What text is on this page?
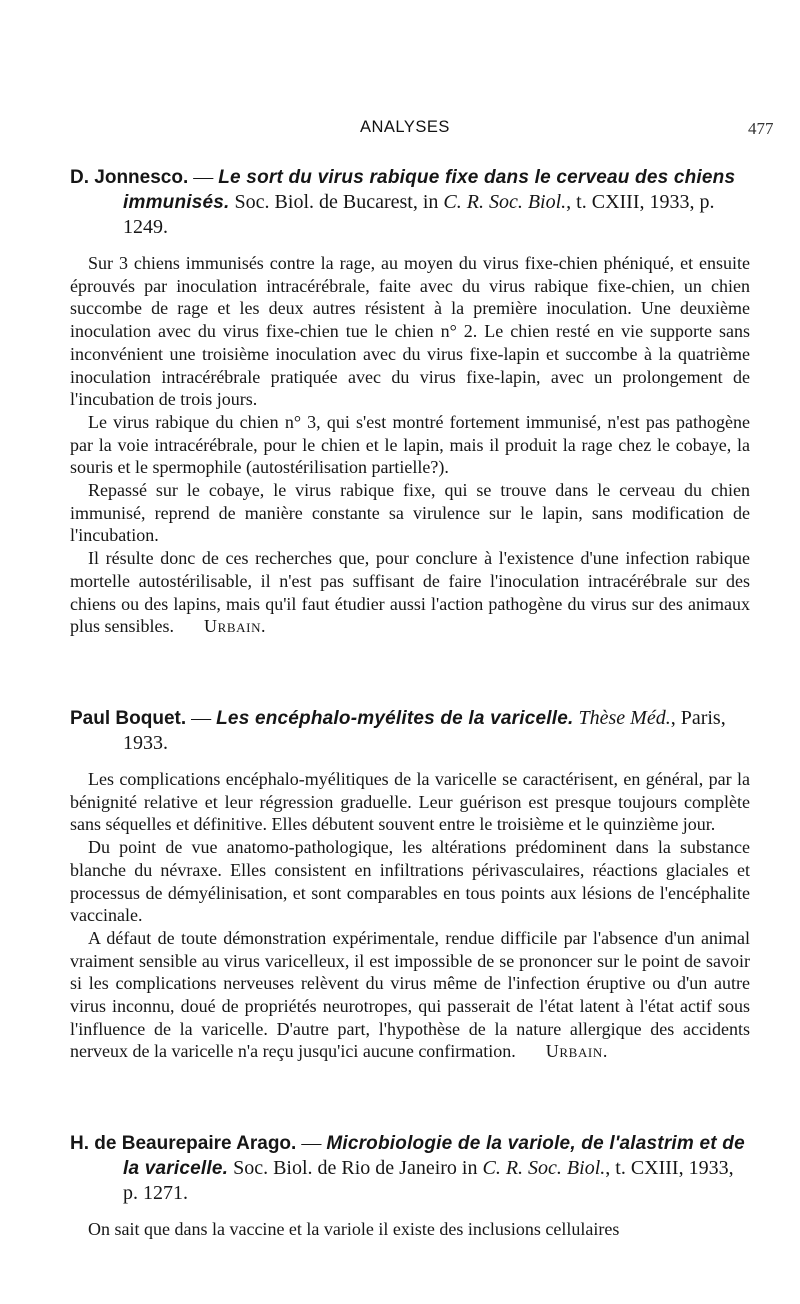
ANALYSES	477

D. Jonnesco. — Le sort du virus rabique fixe dans le cerveau des chiens immunisés. Soc. Biol. de Bucarest, in C. R. Soc. Biol., t. CXIII, 1933, p. 1249.

Sur 3 chiens immunisés contre la rage, au moyen du virus fixe-chien phéniqué, et ensuite éprouvés par inoculation intracérébrale, faite avec du virus rabique fixe-chien, un chien succombe de rage et les deux autres résistent à la première inoculation. Une deuxième inoculation avec du virus fixe-chien tue le chien n° 2. Le chien resté en vie supporte sans inconvénient une troisième inoculation avec du virus fixe-lapin et succombe à la quatrième inoculation intracérébrale pratiquée avec du virus fixe-lapin, avec un prolongement de l'incubation de trois jours.

Le virus rabique du chien n° 3, qui s'est montré fortement immunisé, n'est pas pathogène par la voie intracérébrale, pour le chien et le lapin, mais il produit la rage chez le cobaye, la souris et le spermophile (autostérilisation partielle?).

Repassé sur le cobaye, le virus rabique fixe, qui se trouve dans le cerveau du chien immunisé, reprend de manière constante sa virulence sur le lapin, sans modification de l'incubation.

Il résulte donc de ces recherches que, pour conclure à l'existence d'une infection rabique mortelle autostérilisable, il n'est pas suffisant de faire l'inoculation intracérébrale sur des chiens ou des lapins, mais qu'il faut étudier aussi l'action pathogène du virus sur des animaux plus sensibles. Urbain.

Paul Boquet. — Les encéphalo-myélites de la varicelle. Thèse Méd., Paris, 1933.

Les complications encéphalo-myélitiques de la varicelle se caractérisent, en général, par la bénignité relative et leur régression graduelle. Leur guérison est presque toujours complète sans séquelles et définitive. Elles débutent souvent entre le troisième et le quinzième jour.

Du point de vue anatomo-pathologique, les altérations prédominent dans la substance blanche du névraxe. Elles consistent en infiltrations périvasculaires, réactions glaciales et processus de démyélinisation, et sont comparables en tous points aux lésions de l'encéphalite vaccinale.

A défaut de toute démonstration expérimentale, rendue difficile par l'absence d'un animal vraiment sensible au virus varicelleux, il est impossible de se prononcer sur le point de savoir si les complications nerveuses relèvent du virus même de l'infection éruptive ou d'un autre virus inconnu, doué de propriétés neurotropes, qui passerait de l'état latent à l'état actif sous l'influence de la varicelle. D'autre part, l'hypothèse de la nature allergique des accidents nerveux de la varicelle n'a reçu jusqu'ici aucune confirmation. Urbain.

H. de Beaurepaire Arago. — Microbiologie de la variole, de l'alastrim et de la varicelle. Soc. Biol. de Rio de Janeiro in C. R. Soc. Biol., t. CXIII, 1933, p. 1271.

On sait que dans la vaccine et la variole il existe des inclusions cellulaires
